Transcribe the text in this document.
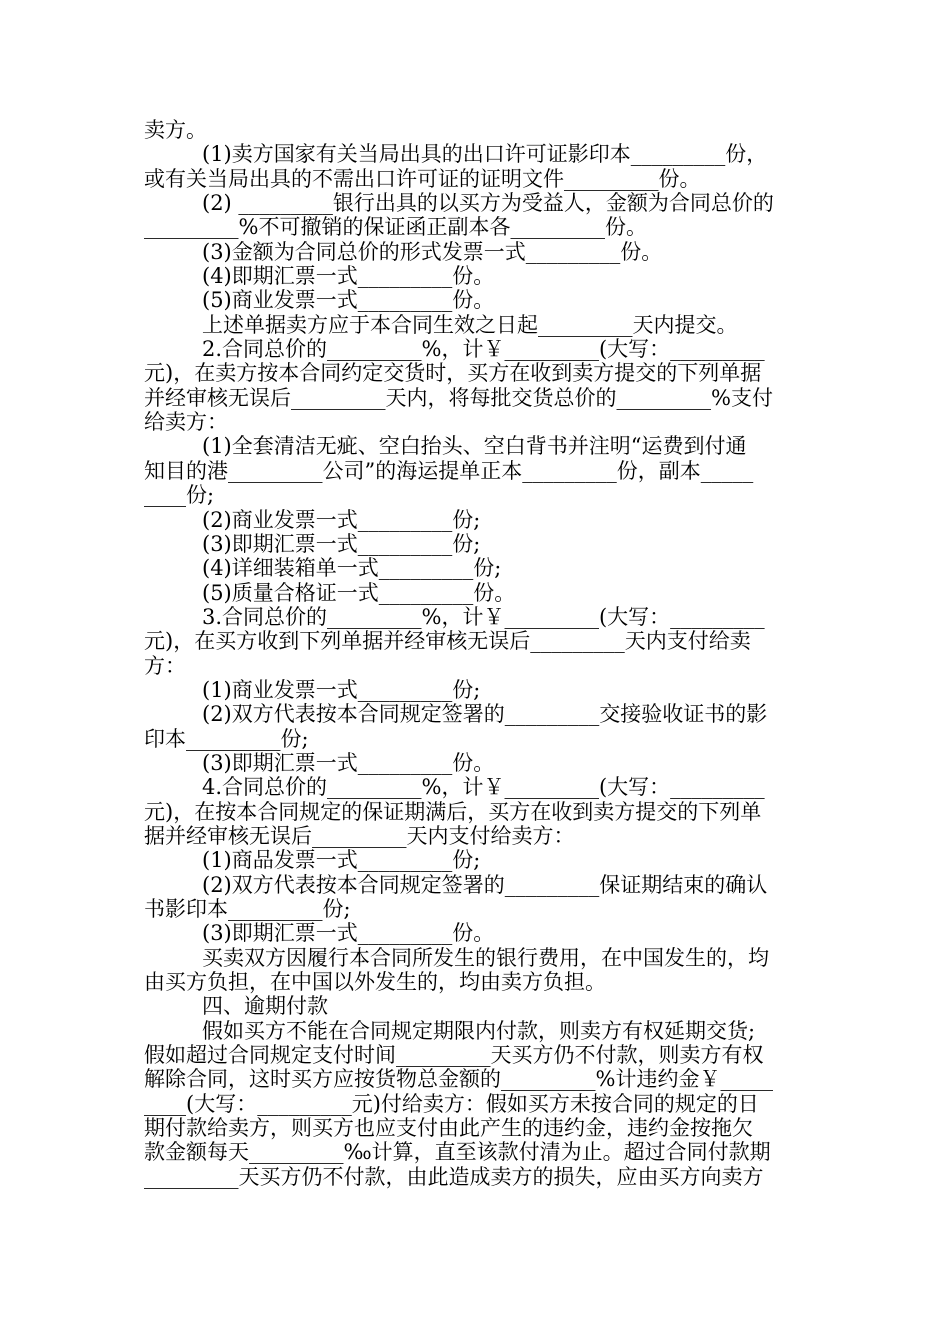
卖方。
(1)卖方国家有关当局出具的出口许可证影印本_________份，
或有关当局出具的不需出口许可证的证明文件_________份。
(2) _________银行出具的以买方为受益人，金额为合同总价的
_________%不可撤销的保证函正副本各_________份。
(3)金额为合同总价的形式发票一式_________份。
(4)即期汇票一式_________份。
(5)商业发票一式_________份。
上述单据卖方应于本合同生效之日起_________天内提交。
2.合同总价的_________%，计￥_________(大写：_________
元)，在卖方按本合同约定交货时，买方在收到卖方提交的下列单据
并经审核无误后_________天内，将每批交货总价的_________%支付
给卖方：
(1)全套清洁无疵、空白抬头、空白背书并注明“运费到付通
知目的港_________公司”的海运提单正本_________份，副本_____
____份;
(2)商业发票一式_________份;
(3)即期汇票一式_________份;
(4)详细装箱单一式_________份;
(5)质量合格证一式_________份。
3.合同总价的_________%，计￥_________(大写：_________
元)，在买方收到下列单据并经审核无误后_________天内支付给卖
方：
(1)商业发票一式_________份;
(2)双方代表按本合同规定签署的_________交接验收证书的影
印本_________份;
(3)即期汇票一式_________份。
4.合同总价的_________%，计￥_________(大写：_________
元)，在按本合同规定的保证期满后，买方在收到卖方提交的下列单
据并经审核无误后_________天内支付给卖方：
(1)商品发票一式_________份;
(2)双方代表按本合同规定签署的_________保证期结束的确认
书影印本_________份;
(3)即期汇票一式_________份。
买卖双方因履行本合同所发生的银行费用，在中国发生的，均
由买方负担，在中国以外发生的，均由卖方负担。
四、逾期付款
假如买方不能在合同规定期限内付款，则卖方有权延期交货;
假如超过合同规定支付时间_________天买方仍不付款，则卖方有权
解除合同，这时买方应按货物总金额的_________%计违约金￥_____
____(大写：_________元)付给卖方：假如买方未按合同的规定的日
期付款给卖方，则买方也应支付由此产生的违约金，违约金按拖欠
款金额每天_________‰计算，直至该款付清为止。超过合同付款期
_________天买方仍不付款，由此造成卖方的损失，应由买方向卖方
